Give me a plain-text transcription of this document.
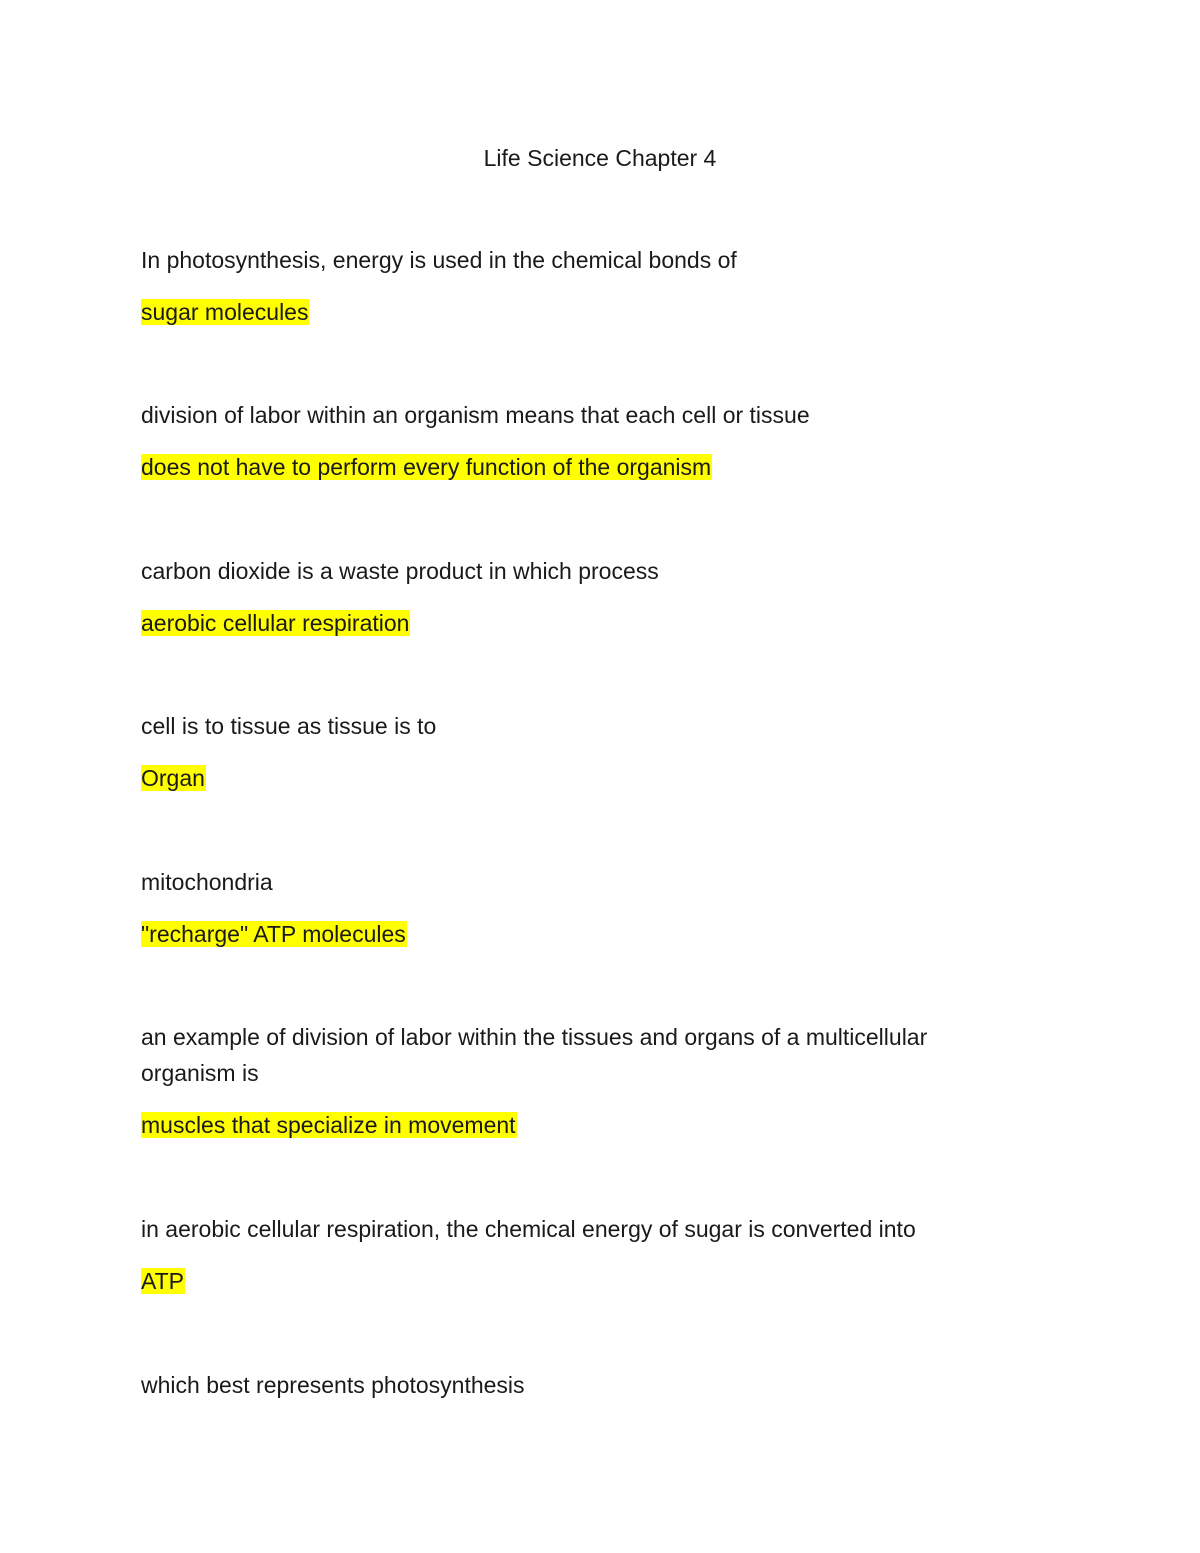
Life Science Chapter 4

In photosynthesis, energy is used in the chemical bonds of

sugar molecules

division of labor within an organism means that each cell or tissue

does not have to perform every function of the organism

carbon dioxide is a waste product in which process

aerobic cellular respiration

cell is to tissue as tissue is to

Organ

mitochondria

"recharge" ATP molecules

an example of division of labor within the tissues and organs of a multicellular organism is

muscles that specialize in movement

in aerobic cellular respiration, the chemical energy of sugar is converted into

ATP

which best represents photosynthesis
